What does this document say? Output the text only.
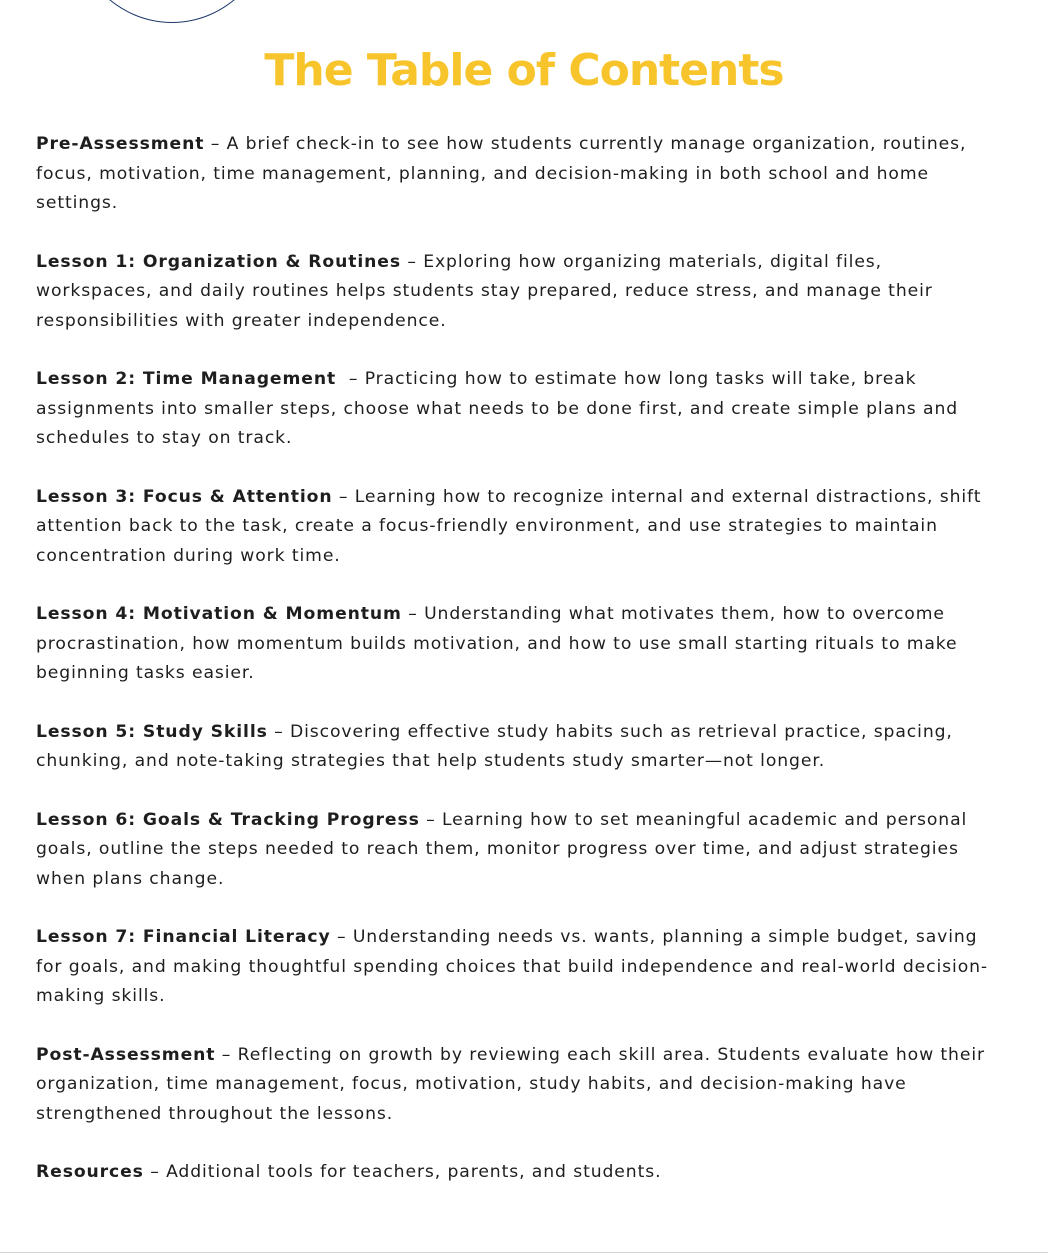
The Table of Contents

Pre-Assessment – A brief check-in to see how students currently manage organization, routines, focus, motivation, time management, planning, and decision-making in both school and home settings.

Lesson 1: Organization & Routines – Exploring how organizing materials, digital files, workspaces, and daily routines helps students stay prepared, reduce stress, and manage their responsibilities with greater independence.

Lesson 2: Time Management – Practicing how to estimate how long tasks will take, break assignments into smaller steps, choose what needs to be done first, and create simple plans and schedules to stay on track.

Lesson 3: Focus & Attention – Learning how to recognize internal and external distractions, shift attention back to the task, create a focus-friendly environment, and use strategies to maintain concentration during work time.

Lesson 4: Motivation & Momentum – Understanding what motivates them, how to overcome procrastination, how momentum builds motivation, and how to use small starting rituals to make beginning tasks easier.

Lesson 5: Study Skills – Discovering effective study habits such as retrieval practice, spacing, chunking, and note-taking strategies that help students study smarter—not longer.

Lesson 6: Goals & Tracking Progress – Learning how to set meaningful academic and personal goals, outline the steps needed to reach them, monitor progress over time, and adjust strategies when plans change.

Lesson 7: Financial Literacy – Understanding needs vs. wants, planning a simple budget, saving for goals, and making thoughtful spending choices that build independence and real-world decision-making skills.

Post-Assessment – Reflecting on growth by reviewing each skill area. Students evaluate how their organization, time management, focus, motivation, study habits, and decision-making have strengthened throughout the lessons.

Resources – Additional tools for teachers, parents, and students.
